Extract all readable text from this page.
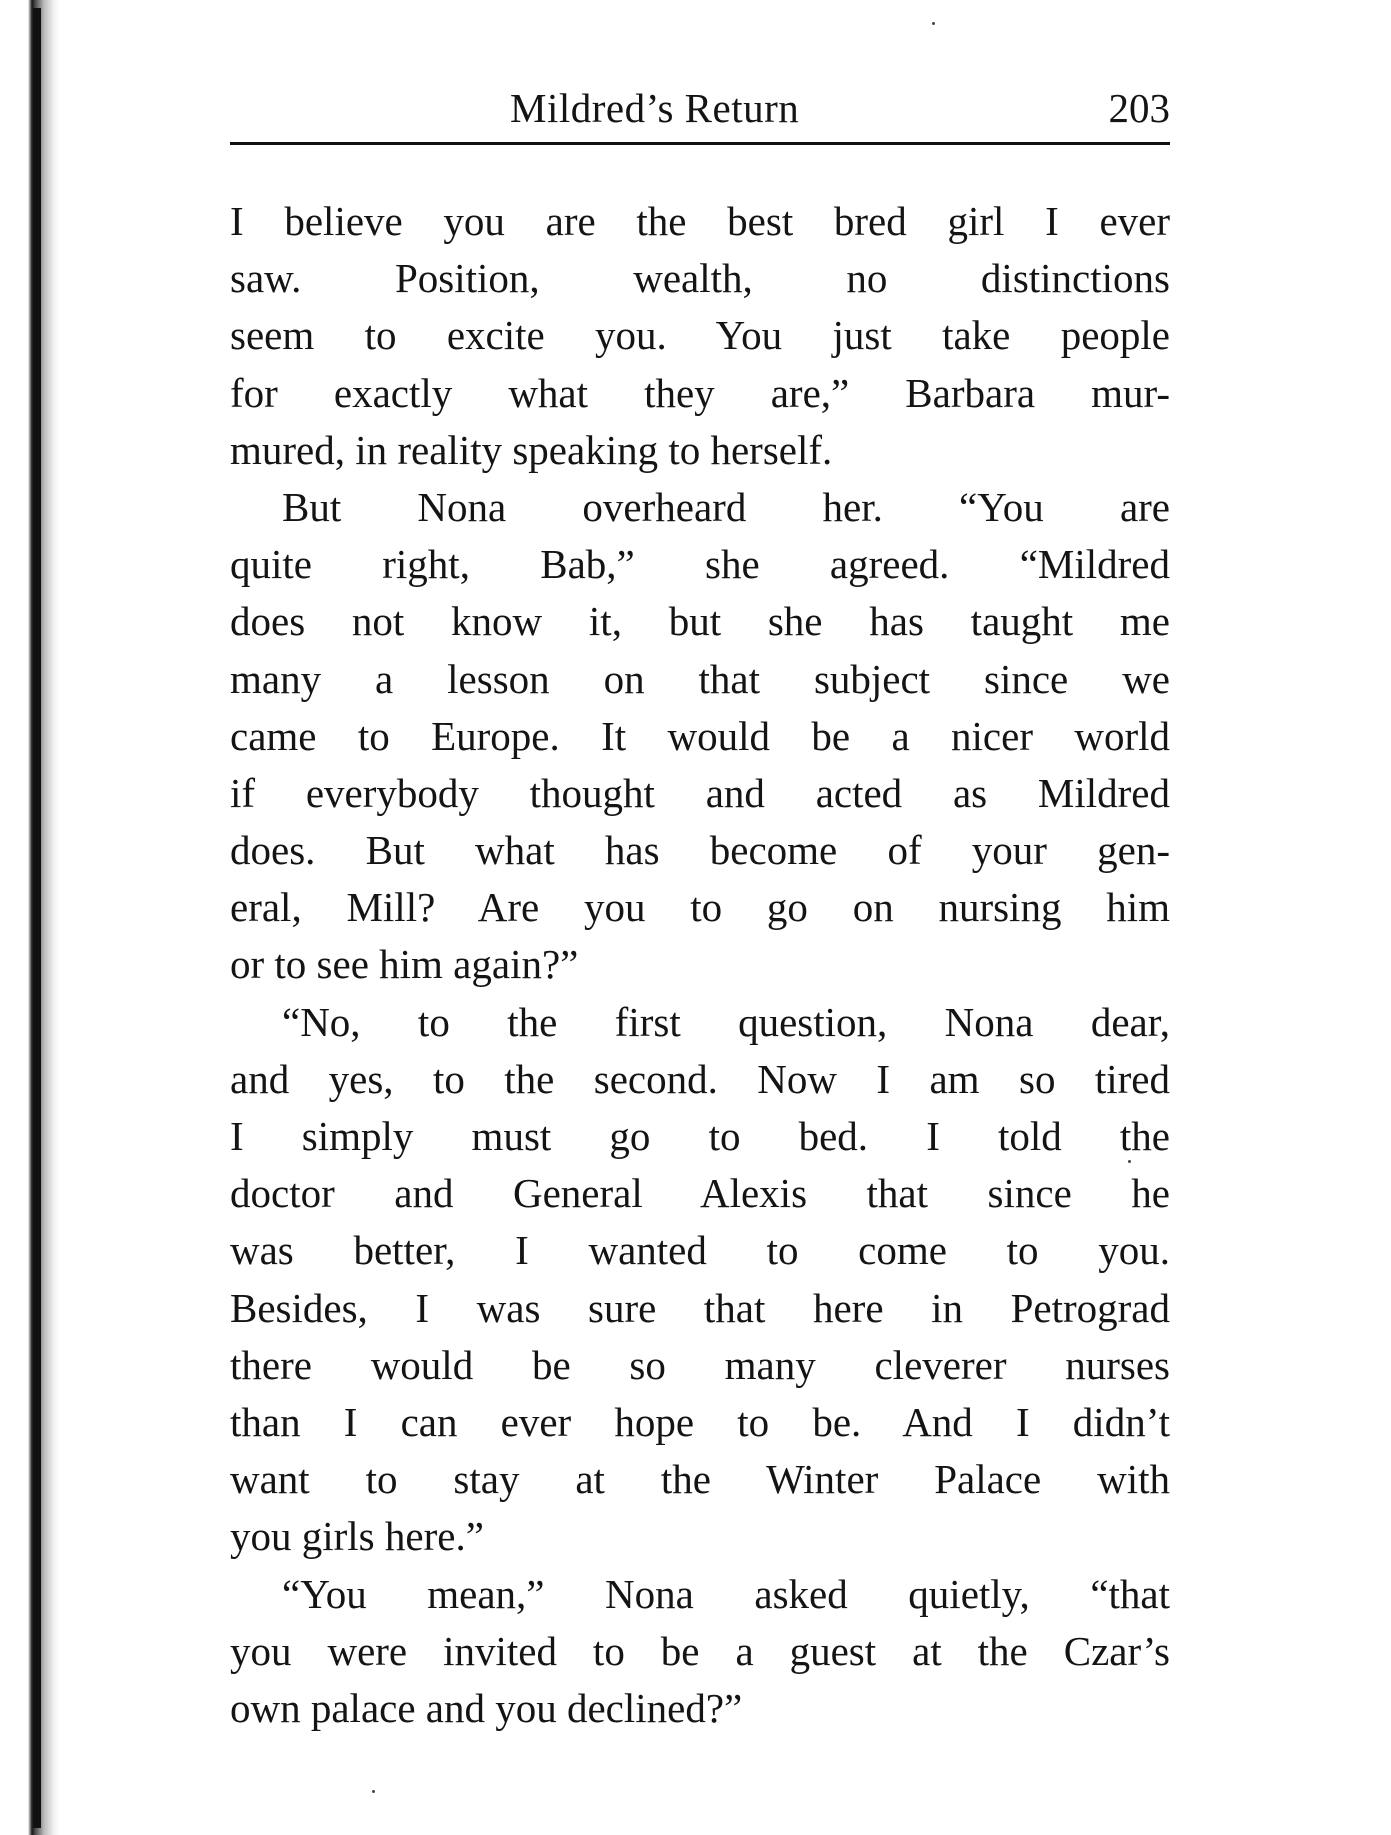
Mildred’s Return	203
I believe you are the best bred girl I ever
saw. Position, wealth, no distinctions
seem to excite you. You just take people
for exactly what they are,” Barbara mur-
mured, in reality speaking to herself.
But Nona overheard her. “You are
quite right, Bab,” she agreed. “Mildred
does not know it, but she has taught me
many a lesson on that subject since we
came to Europe. It would be a nicer world
if everybody thought and acted as Mildred
does. But what has become of your gen-
eral, Mill? Are you to go on nursing him
or to see him again?”
“No, to the first question, Nona dear,
and yes, to the second. Now I am so tired
I simply must go to bed. I told the
doctor and General Alexis that since he
was better, I wanted to come to you.
Besides, I was sure that here in Petrograd
there would be so many cleverer nurses
than I can ever hope to be. And I didn’t
want to stay at the Winter Palace with
you girls here.”
“You mean,” Nona asked quietly, “that
you were invited to be a guest at the Czar’s
own palace and you declined?”
